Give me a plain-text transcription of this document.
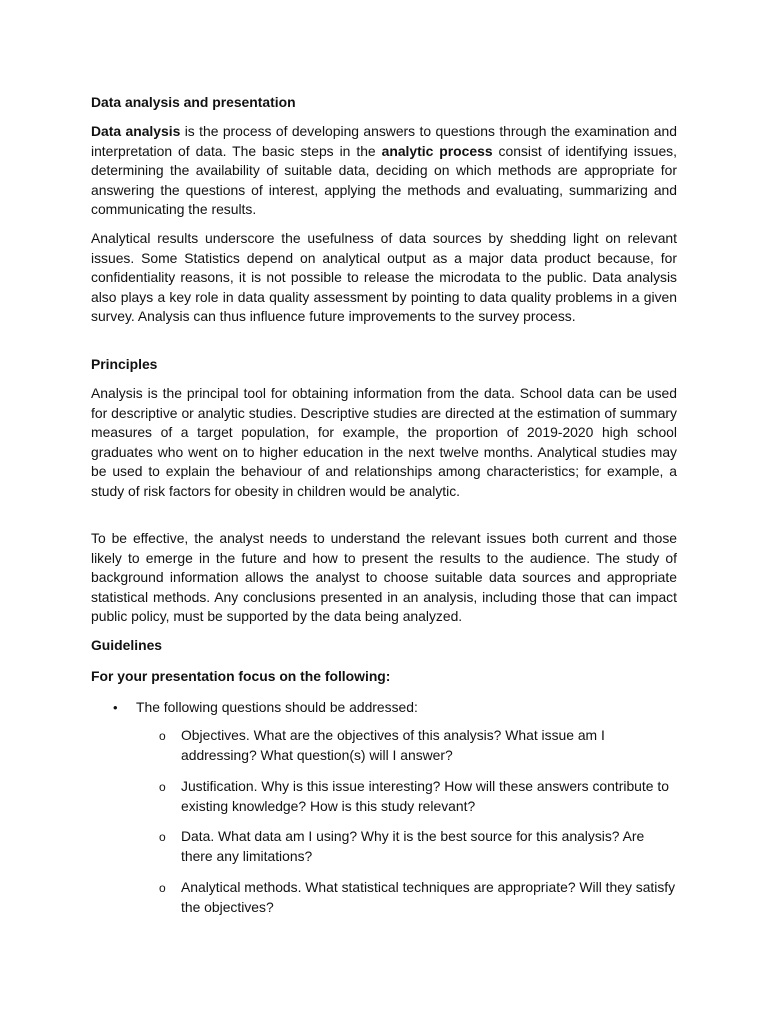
Data analysis and presentation

Data analysis is the process of developing answers to questions through the examination and interpretation of data. The basic steps in the analytic process consist of identifying issues, determining the availability of suitable data, deciding on which methods are appropriate for answering the questions of interest, applying the methods and evaluating, summarizing and communicating the results.

Analytical results underscore the usefulness of data sources by shedding light on relevant issues. Some Statistics depend on analytical output as a major data product because, for confidentiality reasons, it is not possible to release the microdata to the public. Data analysis also plays a key role in data quality assessment by pointing to data quality problems in a given survey. Analysis can thus influence future improvements to the survey process.

Principles

Analysis is the principal tool for obtaining information from the data. School data can be used for descriptive or analytic studies. Descriptive studies are directed at the estimation of summary measures of a target population, for example, the proportion of 2019-2020 high school graduates who went on to higher education in the next twelve months. Analytical studies may be used to explain the behaviour of and relationships among characteristics; for example, a study of risk factors for obesity in children would be analytic.

To be effective, the analyst needs to understand the relevant issues both current and those likely to emerge in the future and how to present the results to the audience. The study of background information allows the analyst to choose suitable data sources and appropriate statistical methods. Any conclusions presented in an analysis, including those that can impact public policy, must be supported by the data being analyzed.

Guidelines

For your presentation focus on the following:

• The following questions should be addressed:
o Objectives. What are the objectives of this analysis? What issue am I addressing? What question(s) will I answer?
o Justification. Why is this issue interesting? How will these answers contribute to existing knowledge? How is this study relevant?
o Data. What data am I using? Why it is the best source for this analysis? Are there any limitations?
o Analytical methods. What statistical techniques are appropriate? Will they satisfy the objectives?
